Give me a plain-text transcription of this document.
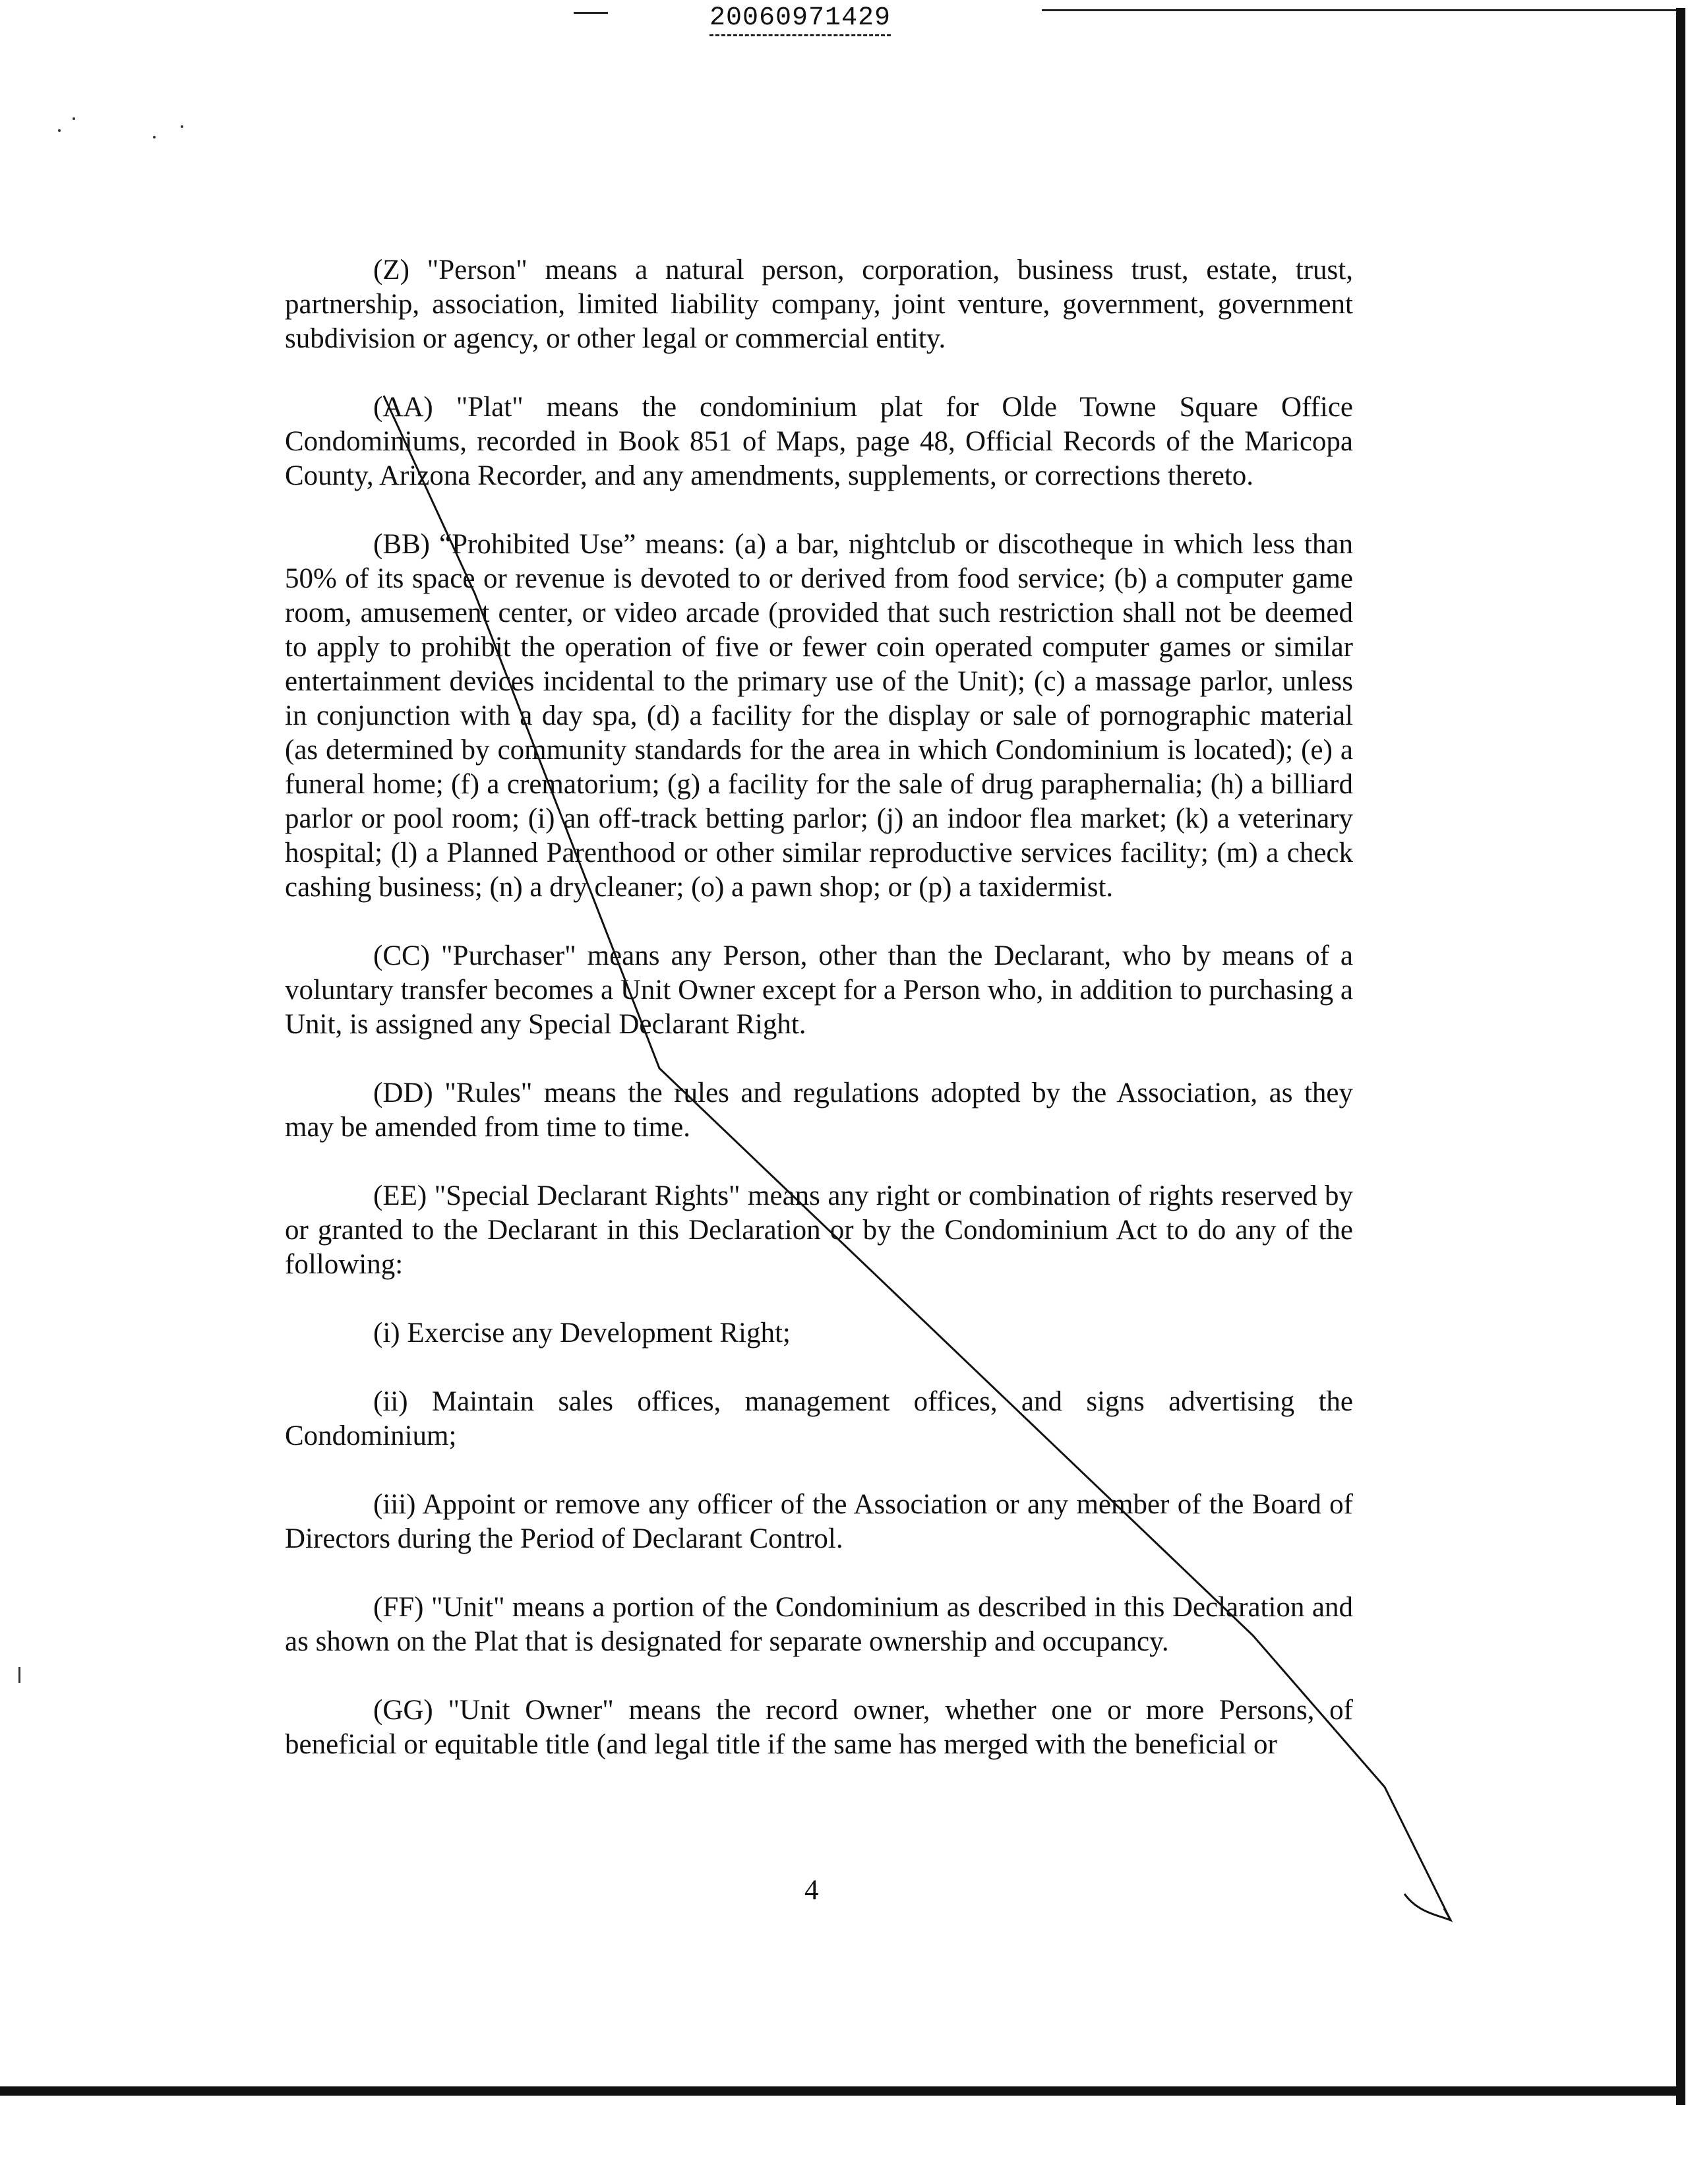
20060971429

(Z) "Person" means a natural person, corporation, business trust, estate, trust, partnership, association, limited liability company, joint venture, government, government subdivision or agency, or other legal or commercial entity.

(AA) "Plat" means the condominium plat for Olde Towne Square Office Condominiums, recorded in Book 851 of Maps, page 48, Official Records of the Maricopa County, Arizona Recorder, and any amendments, supplements, or corrections thereto.

(BB) “Prohibited Use” means: (a) a bar, nightclub or discotheque in which less than 50% of its space or revenue is devoted to or derived from food service; (b) a computer game room, amusement center, or video arcade (provided that such restriction shall not be deemed to apply to prohibit the operation of five or fewer coin operated computer games or similar entertainment devices incidental to the primary use of the Unit); (c) a massage parlor, unless in conjunction with a day spa, (d) a facility for the display or sale of pornographic material (as determined by community standards for the area in which Condominium is located); (e) a funeral home; (f) a crematorium; (g) a facility for the sale of drug paraphernalia; (h) a billiard parlor or pool room; (i) an off-track betting parlor; (j) an indoor flea market; (k) a veterinary hospital; (l) a Planned Parenthood or other similar reproductive services facility; (m) a check cashing business; (n) a dry cleaner; (o) a pawn shop; or (p) a taxidermist.

(CC) "Purchaser" means any Person, other than the Declarant, who by means of a voluntary transfer becomes a Unit Owner except for a Person who, in addition to purchasing a Unit, is assigned any Special Declarant Right.

(DD) "Rules" means the rules and regulations adopted by the Association, as they may be amended from time to time.

(EE) "Special Declarant Rights" means any right or combination of rights reserved by or granted to the Declarant in this Declaration or by the Condominium Act to do any of the following:

(i) Exercise any Development Right;

(ii) Maintain sales offices, management offices, and signs advertising the Condominium;

(iii) Appoint or remove any officer of the Association or any member of the Board of Directors during the Period of Declarant Control.

(FF) "Unit" means a portion of the Condominium as described in this Declaration and as shown on the Plat that is designated for separate ownership and occupancy.

(GG) "Unit Owner" means the record owner, whether one or more Persons, of beneficial or equitable title (and legal title if the same has merged with the beneficial or

4
